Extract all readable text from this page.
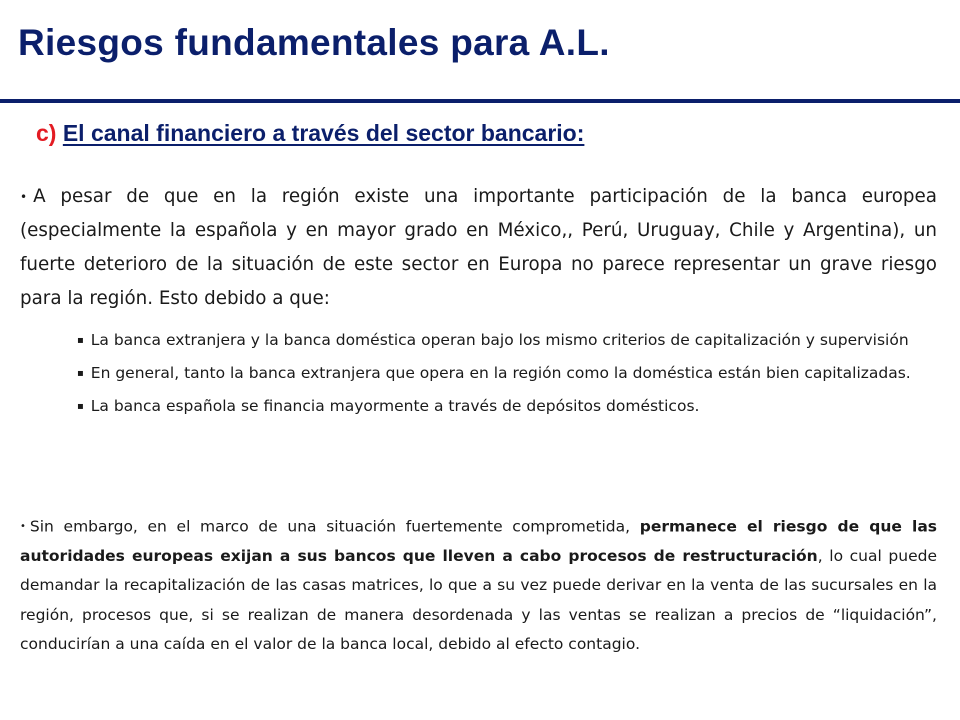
Riesgos fundamentales para A.L.
c) El canal financiero a través del sector bancario:

• A pesar de que en la región existe una importante participación de la banca europea (especialmente la española y en mayor grado en México,, Perú, Uruguay, Chile y Argentina), un fuerte deterioro de la situación de este sector en Europa no parece representar un grave riesgo para la región. Esto debido a que:

▪ La banca extranjera y la banca doméstica operan bajo los mismo criterios de capitalización y supervisión
▪ En general, tanto la banca extranjera que opera en la región como la doméstica están bien capitalizadas.
▪ La banca española se financia mayormente a través de depósitos domésticos.

• Sin embargo, en el marco de una situación fuertemente comprometida, permanece el riesgo de que las autoridades europeas exijan a sus bancos que lleven a cabo procesos de restructuración, lo cual puede demandar la recapitalización de las casas matrices, lo que a su vez puede derivar en la venta de las sucursales en la región, procesos que, si se realizan de manera desordenada y las ventas se realizan a precios de “liquidación”, conducirían a una caída en el valor de la banca local, debido al efecto contagio.
